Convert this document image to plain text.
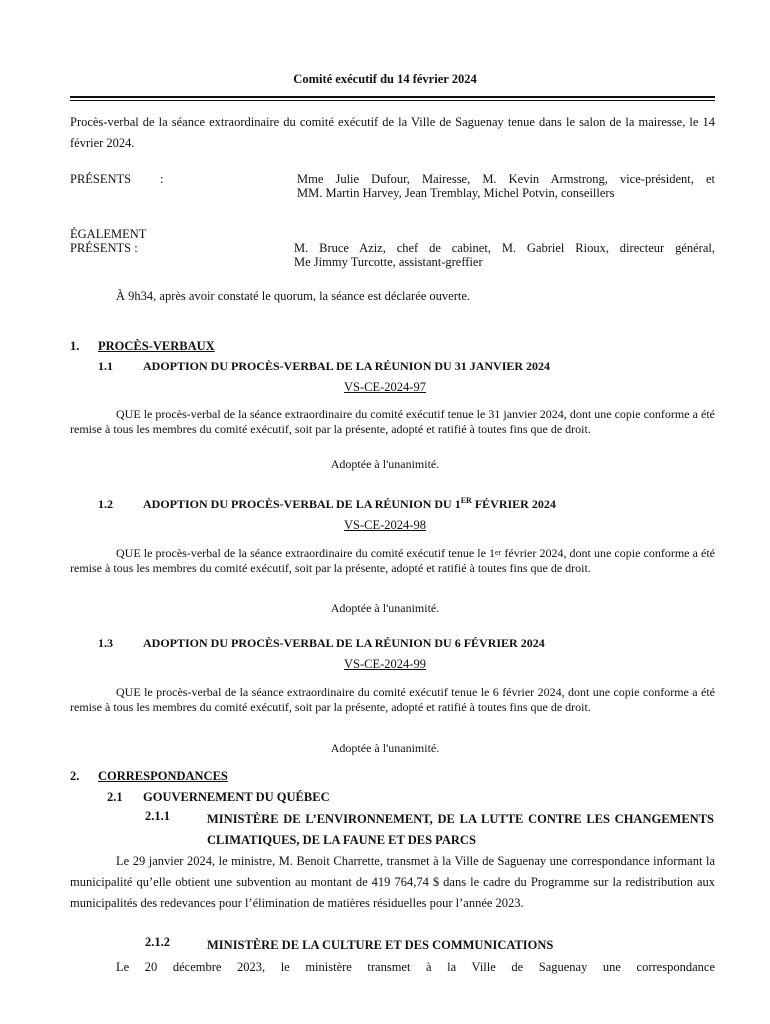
Comité exécutif du 14 février 2024
Procès-verbal de la séance extraordinaire du comité exécutif de la Ville de Saguenay tenue dans le salon de la mairesse, le 14 février 2024.
PRÉSENTS :	Mme Julie Dufour, Mairesse, M. Kevin Armstrong, vice-président, et
MM. Martin Harvey, Jean Tremblay, Michel Potvin, conseillers
ÉGALEMENT
PRÉSENTS :	M. Bruce Aziz, chef de cabinet, M. Gabriel Rioux, directeur général,
Me Jimmy Turcotte, assistant-greffier
À 9h34, après avoir constaté le quorum, la séance est déclarée ouverte.
1. PROCÈS-VERBAUX
1.1	ADOPTION DU PROCÈS-VERBAL DE LA RÉUNION DU 31 JANVIER 2024
VS-CE-2024-97
QUE le procès-verbal de la séance extraordinaire du comité exécutif tenue le 31 janvier 2024, dont une copie conforme a été remise à tous les membres du comité exécutif, soit par la présente, adopté et ratifié à toutes fins que de droit.
Adoptée à l'unanimité.
1.2	ADOPTION DU PROCÈS-VERBAL DE LA RÉUNION DU 1ER FÉVRIER 2024
VS-CE-2024-98
QUE le procès-verbal de la séance extraordinaire du comité exécutif tenue le 1er février 2024, dont une copie conforme a été remise à tous les membres du comité exécutif, soit par la présente, adopté et ratifié à toutes fins que de droit.
Adoptée à l'unanimité.
1.3	ADOPTION DU PROCÈS-VERBAL DE LA RÉUNION DU 6 FÉVRIER 2024
VS-CE-2024-99
QUE le procès-verbal de la séance extraordinaire du comité exécutif tenue le 6 février 2024, dont une copie conforme a été remise à tous les membres du comité exécutif, soit par la présente, adopté et ratifié à toutes fins que de droit.
Adoptée à l'unanimité.
2. CORRESPONDANCES
2.1 GOUVERNEMENT DU QUÉBEC
2.1.1	MINISTÈRE DE L’ENVIRONNEMENT, DE LA LUTTE CONTRE LES CHANGEMENTS CLIMATIQUES, DE LA FAUNE ET DES PARCS
Le 29 janvier 2024, le ministre, M. Benoit Charrette, transmet à la Ville de Saguenay une correspondance informant la municipalité qu’elle obtient une subvention au montant de 419 764,74 $ dans le cadre du Programme sur la redistribution aux municipalités des redevances pour l’élimination de matières résiduelles pour l’année 2023.
2.1.2	MINISTÈRE DE LA CULTURE ET DES COMMUNICATIONS
Le 20 décembre 2023, le ministère transmet à la Ville de Saguenay une correspondance
